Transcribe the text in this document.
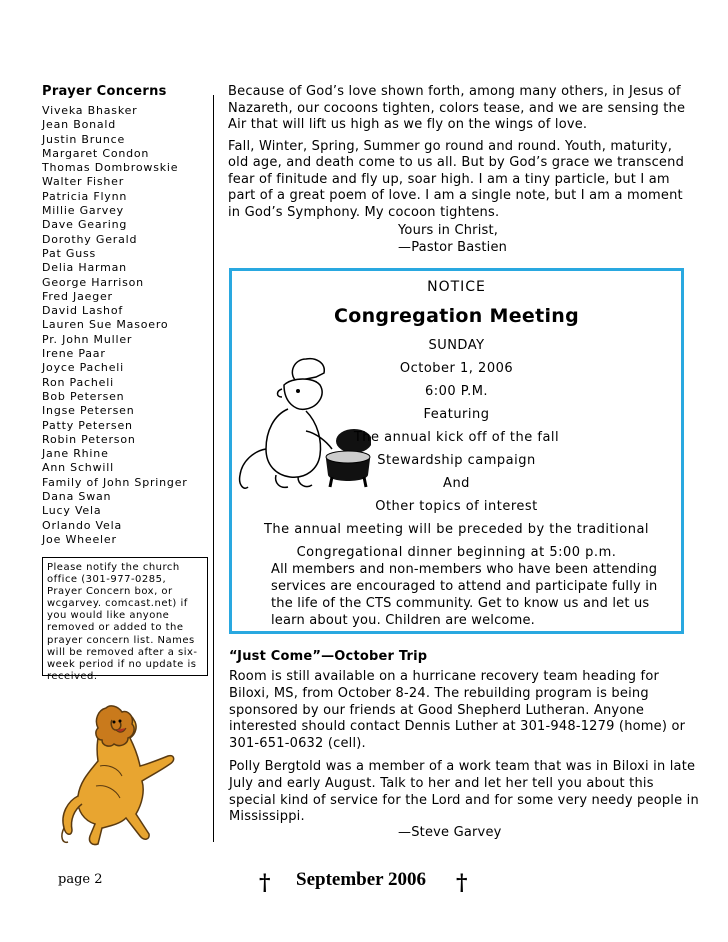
Prayer Concerns
Viveka Bhasker
Jean Bonald
Justin Brunce
Margaret Condon
Thomas Dombrowskie
Walter Fisher
Patricia Flynn
Millie Garvey
Dave Gearing
Dorothy Gerald
Pat Guss
Delia Harman
George Harrison
Fred Jaeger
David Lashof
Lauren Sue Masoero
Pr. John Muller
Irene Paar
Joyce Pacheli
Ron Pacheli
Bob Petersen
Ingse Petersen
Patty Petersen
Robin Peterson
Jane Rhine
Ann Schwill
Family of John Springer
Dana Swan
Lucy Vela
Orlando Vela
Joe Wheeler
Please notify the church office (301-977-0285, Prayer Concern box, or wcgarvey. comcast.net) if you would like anyone removed or added to the prayer concern list. Names will be removed after a six-week period if no update is received.

Because of God’s love shown forth, among many others, in Jesus of Nazareth, our cocoons tighten, colors tease, and we are sensing the Air that will lift us high as we fly on the wings of love.

Fall, Winter, Spring, Summer go round and round. Youth, maturity, old age, and death come to us all. But by God’s grace we transcend fear of finitude and fly up, soar high. I am a tiny particle, but I am part of a great poem of love. I am a single note, but I am a moment in God’s Symphony. My cocoon tightens.

Yours in Christ,
—Pastor Bastien
NOTICE
Congregation Meeting
SUNDAY
October 1, 2006
6:00 P.M.
Featuring
The annual kick off of the fall
Stewardship campaign
And
Other topics of interest
The annual meeting will be preceded by the traditional
Congregational dinner beginning at 5:00 p.m.
All members and non-members who have been attending services are encouraged to attend and participate fully in the life of the CTS community. Get to know us and let us learn about you. Children are welcome.
“Just Come”—October Trip

Room is still available on a hurricane recovery team heading for Biloxi, MS, from October 8-24. The rebuilding program is being sponsored by our friends at Good Shepherd Lutheran. Anyone interested should contact Dennis Luther at 301-948-1279 (home) or 301-651-0632 (cell).

Polly Bergtold was a member of a work team that was in Biloxi in late July and early August. Talk to her and let her tell you about this special kind of service for the Lord and for some very needy people in Mississippi.

—Steve Garvey
page 2	† September 2006 †
